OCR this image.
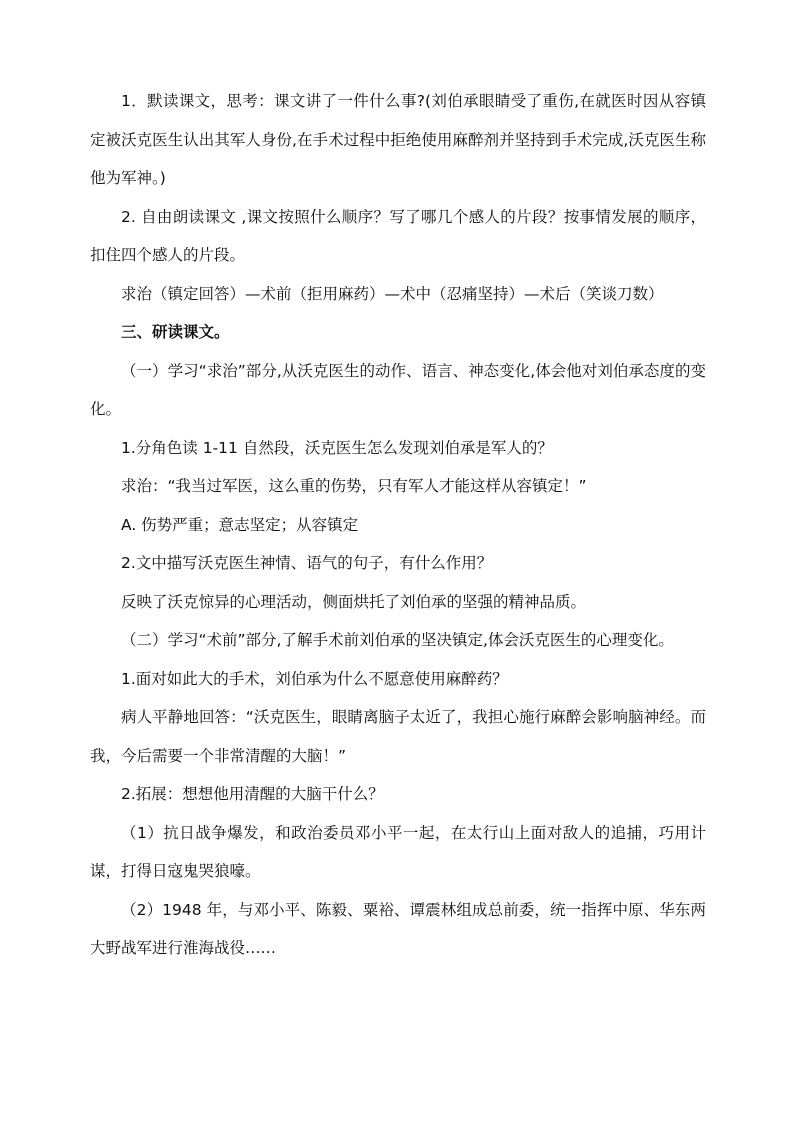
1．默读课文，思考：课文讲了一件什么事?(刘伯承眼睛受了重伤,在就医时因从容镇定被沃克医生认出其军人身份,在手术过程中拒绝使用麻醉剂并坚持到手术完成,沃克医生称他为军神。)

2. 自由朗读课文 ,课文按照什么顺序？写了哪几个感人的片段？按事情发展的顺序，扣住四个感人的片段。

求治（镇定回答）—术前（拒用麻药）—术中（忍痛坚持）—术后（笑谈刀数）

三、研读课文。

（一）学习“求治”部分,从沃克医生的动作、语言、神态变化,体会他对刘伯承态度的变化。

1.分角色读 1-11 自然段，沃克医生怎么发现刘伯承是军人的？

求治：“我当过军医，这么重的伤势，只有军人才能这样从容镇定！”

A. 伤势严重；意志坚定；从容镇定

2.文中描写沃克医生神情、语气的句子，有什么作用？

反映了沃克惊异的心理活动，侧面烘托了刘伯承的坚强的精神品质。

（二）学习“术前”部分,了解手术前刘伯承的坚决镇定,体会沃克医生的心理变化。

1.面对如此大的手术，刘伯承为什么不愿意使用麻醉药？

病人平静地回答：“沃克医生，眼睛离脑子太近了，我担心施行麻醉会影响脑神经。而我，今后需要一个非常清醒的大脑！”

2.拓展：想想他用清醒的大脑干什么？

（1）抗日战争爆发，和政治委员邓小平一起，在太行山上面对敌人的追捕，巧用计谋，打得日寇鬼哭狼嚎。

（2）1948 年，与邓小平、陈毅、粟裕、谭震林组成总前委，统一指挥中原、华东两大野战军进行淮海战役……
